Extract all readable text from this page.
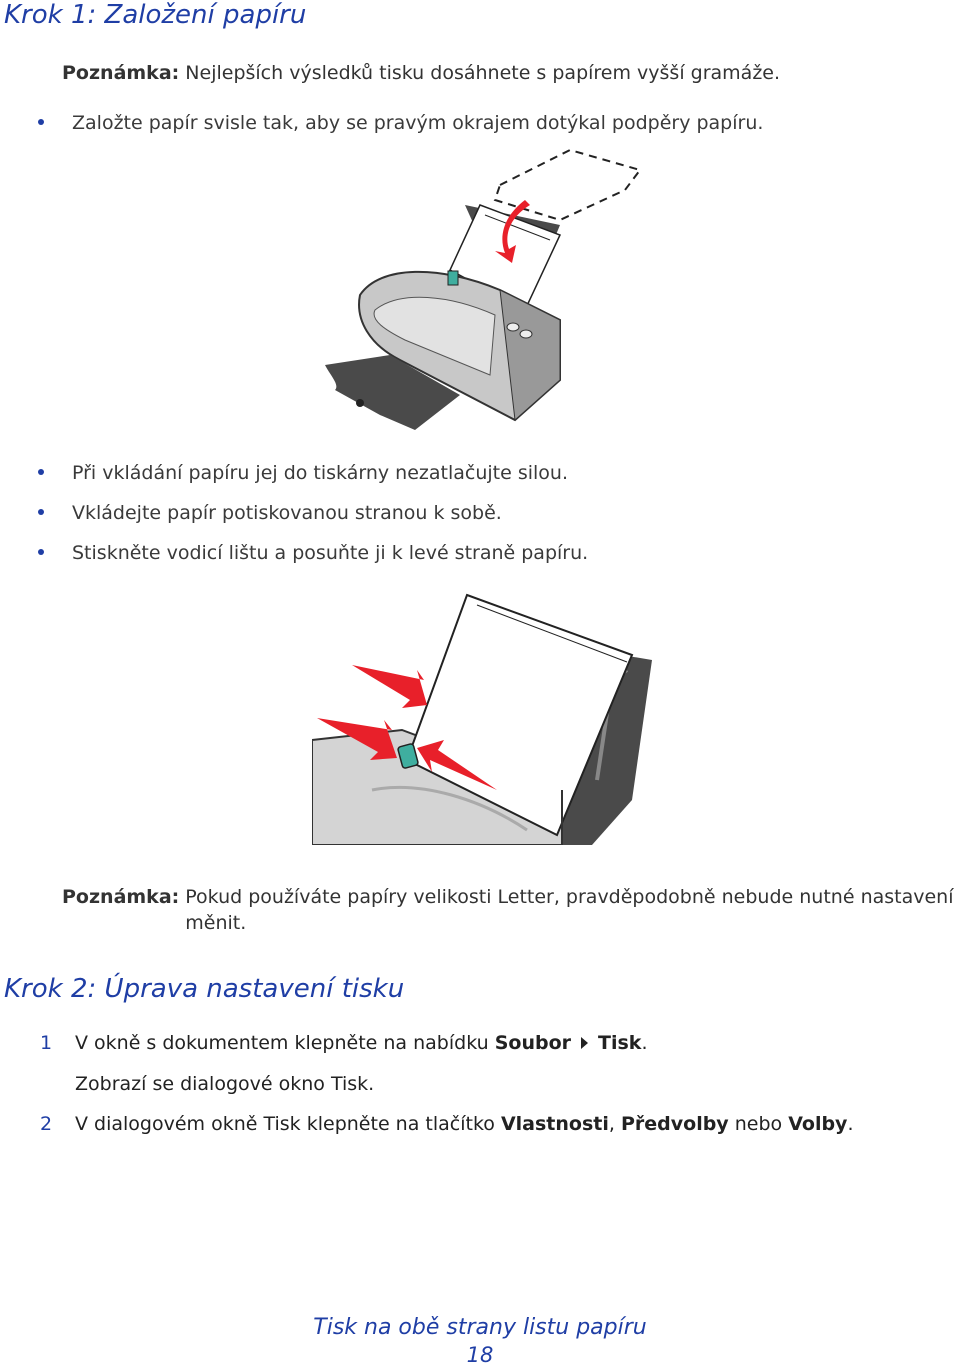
Krok 1: Založení papíru
Poznámka: Nejlepších výsledků tisku dosáhnete s papírem vyšší gramáže.
Založte papír svisle tak, aby se pravým okrajem dotýkal podpěry papíru.
Při vkládání papíru jej do tiskárny nezatlačujte silou.
Vkládejte papír potiskovanou stranou k sobě.
Stiskněte vodicí lištu a posuňte ji k levé straně papíru.
Poznámka: Pokud používáte papíry velikosti Letter, pravděpodobně nebude nutné nastavení měnit.
Krok 2: Úprava nastavení tisku
1	V okně s dokumentem klepněte na nabídku Soubor Tisk.
Zobrazí se dialogové okno Tisk.
2	V dialogovém okně Tisk klepněte na tlačítko Vlastnosti, Předvolby nebo Volby.
Tisk na obě strany listu papíru
18
